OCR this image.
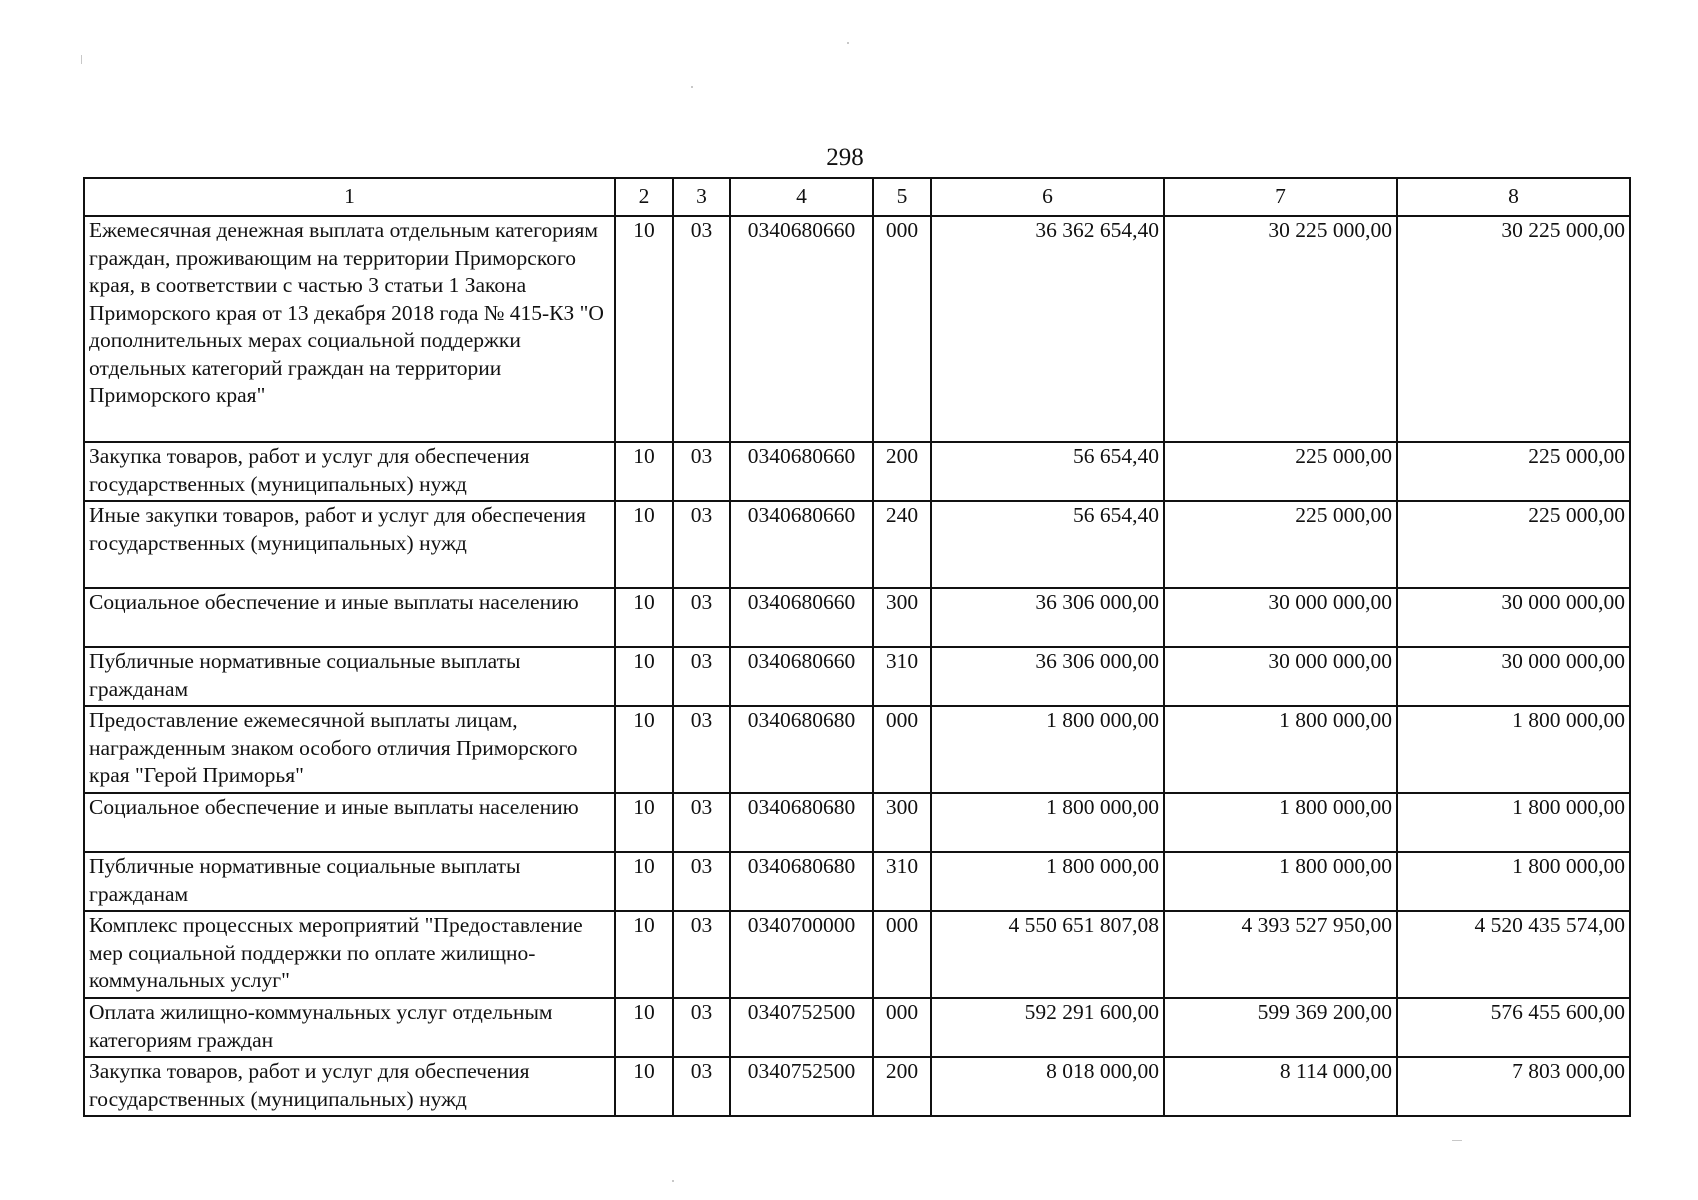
298
1	2	3	4	5	6	7	8
Ежемесячная денежная выплата отдельным категориям граждан, проживающим на территории Приморского края, в соответствии с частью 3 статьи 1 Закона Приморского края от 13 декабря 2018 года № 415-КЗ "О дополнительных мерах социальной поддержки отдельных категорий граждан на территории Приморского края"	10	03	0340680660	000	36 362 654,40	30 225 000,00	30 225 000,00
Закупка товаров, работ и услуг для обеспечения государственных (муниципальных) нужд	10	03	0340680660	200	56 654,40	225 000,00	225 000,00
Иные закупки товаров, работ и услуг для обеспечения государственных (муниципальных) нужд	10	03	0340680660	240	56 654,40	225 000,00	225 000,00
Социальное обеспечение и иные выплаты населению	10	03	0340680660	300	36 306 000,00	30 000 000,00	30 000 000,00
Публичные нормативные социальные выплаты гражданам	10	03	0340680660	310	36 306 000,00	30 000 000,00	30 000 000,00
Предоставление ежемесячной выплаты лицам, награжденным знаком особого отличия Приморского края "Герой Приморья"	10	03	0340680680	000	1 800 000,00	1 800 000,00	1 800 000,00
Социальное обеспечение и иные выплаты населению	10	03	0340680680	300	1 800 000,00	1 800 000,00	1 800 000,00
Публичные нормативные социальные выплаты гражданам	10	03	0340680680	310	1 800 000,00	1 800 000,00	1 800 000,00
Комплекс процессных мероприятий "Предоставление мер социальной поддержки по оплате жилищно-коммунальных услуг"	10	03	0340700000	000	4 550 651 807,08	4 393 527 950,00	4 520 435 574,00
Оплата жилищно-коммунальных услуг отдельным категориям граждан	10	03	0340752500	000	592 291 600,00	599 369 200,00	576 455 600,00
Закупка товаров, работ и услуг для обеспечения государственных (муниципальных) нужд	10	03	0340752500	200	8 018 000,00	8 114 000,00	7 803 000,00
